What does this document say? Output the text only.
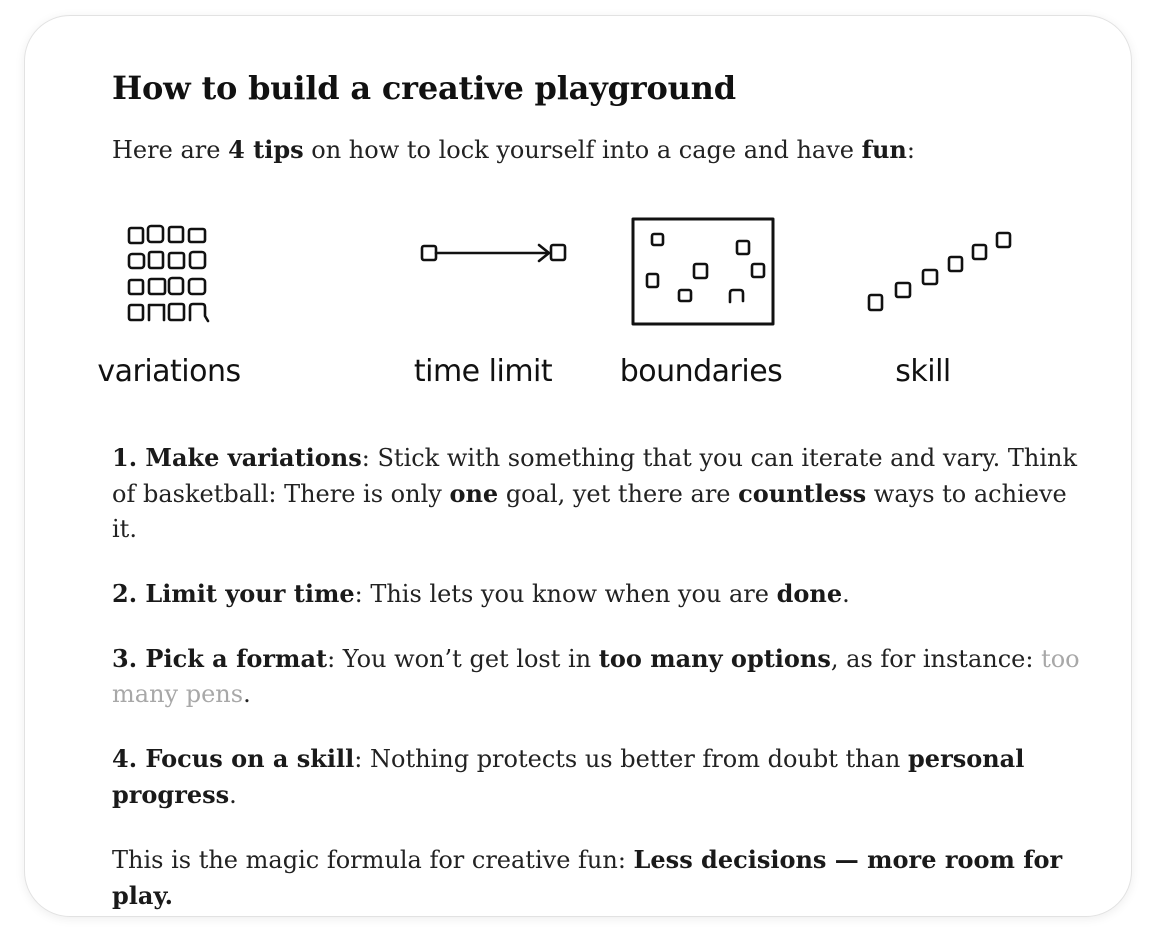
How to build a creative playground

Here are 4 tips on how to lock yourself into a cage and have fun:

variations	time limit boundaries	skill

1. Make variations: Stick with something that you can iterate and vary. Think of basketball: There is only one goal, yet there are countless ways to achieve it.

2. Limit your time: This lets you know when you are done.

3. Pick a format: You won’t get lost in too many options, as for instance: too many pens.

4. Focus on a skill: Nothing protects us better from doubt than personal progress.

This is the magic formula for creative fun: Less decisions — more room for play.
